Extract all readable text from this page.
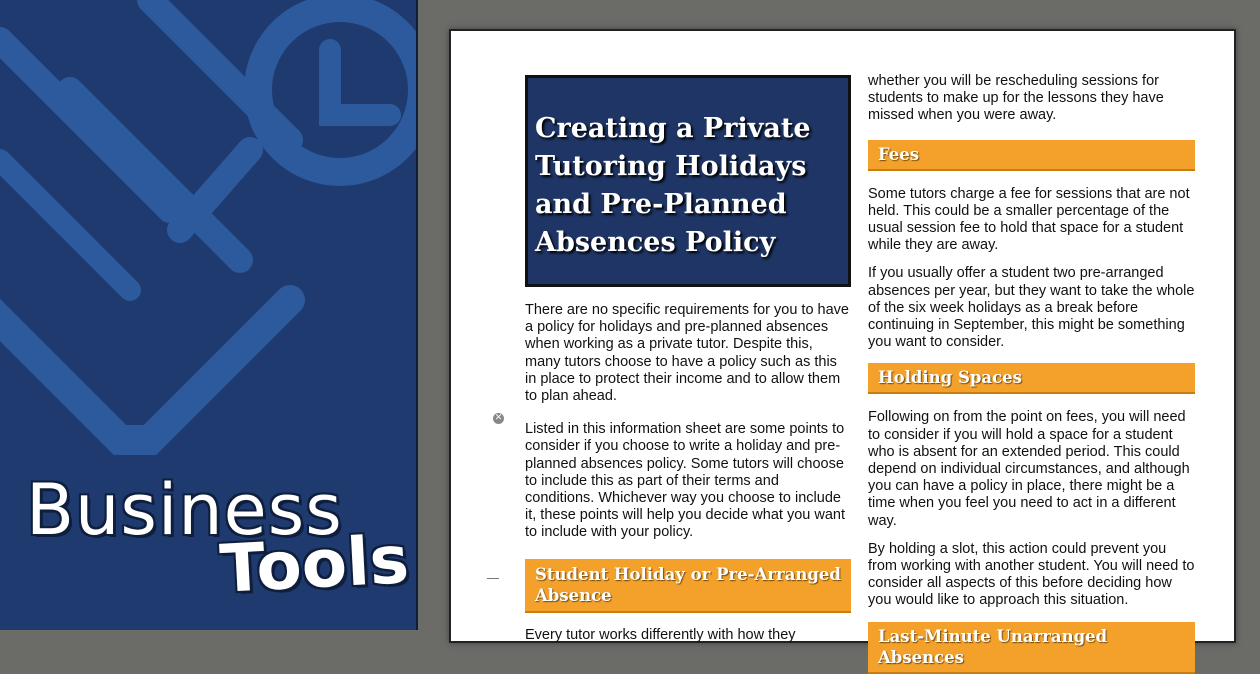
Business
Tools
✕
Creating a Private Tutoring Holidays and Pre-Planned Absences Policy

There are no specific requirements for you to have a policy for holidays and pre-planned absences when working as a private tutor. Despite this, many tutors choose to have a policy such as this in place to protect their income and to allow them to plan ahead.

Listed in this information sheet are some points to consider if you choose to write a holiday and pre-planned absences policy. Some tutors will choose to include this as part of their terms and conditions. Whichever way you choose to include it, these points will help you decide what you want to include with your policy.

Student Holiday or Pre-Arranged Absence

Every tutor works differently with how they

whether you will be rescheduling sessions for students to make up for the lessons they have missed when you were away.

Fees

Some tutors charge a fee for sessions that are not held. This could be a smaller percentage of the usual session fee to hold that space for a student while they are away.

If you usually offer a student two pre-arranged absences per year, but they want to take the whole of the six week holidays as a break before continuing in September, this might be something you want to consider.

Holding Spaces

Following on from the point on fees, you will need to consider if you will hold a space for a student who is absent for an extended period. This could depend on individual circumstances, and although you can have a policy in place, there might be a time when you feel you need to act in a different way.

By holding a slot, this action could prevent you from working with another student. You will need to consider all aspects of this before deciding how you would like to approach this situation.

Last-Minute Unarranged Absences
